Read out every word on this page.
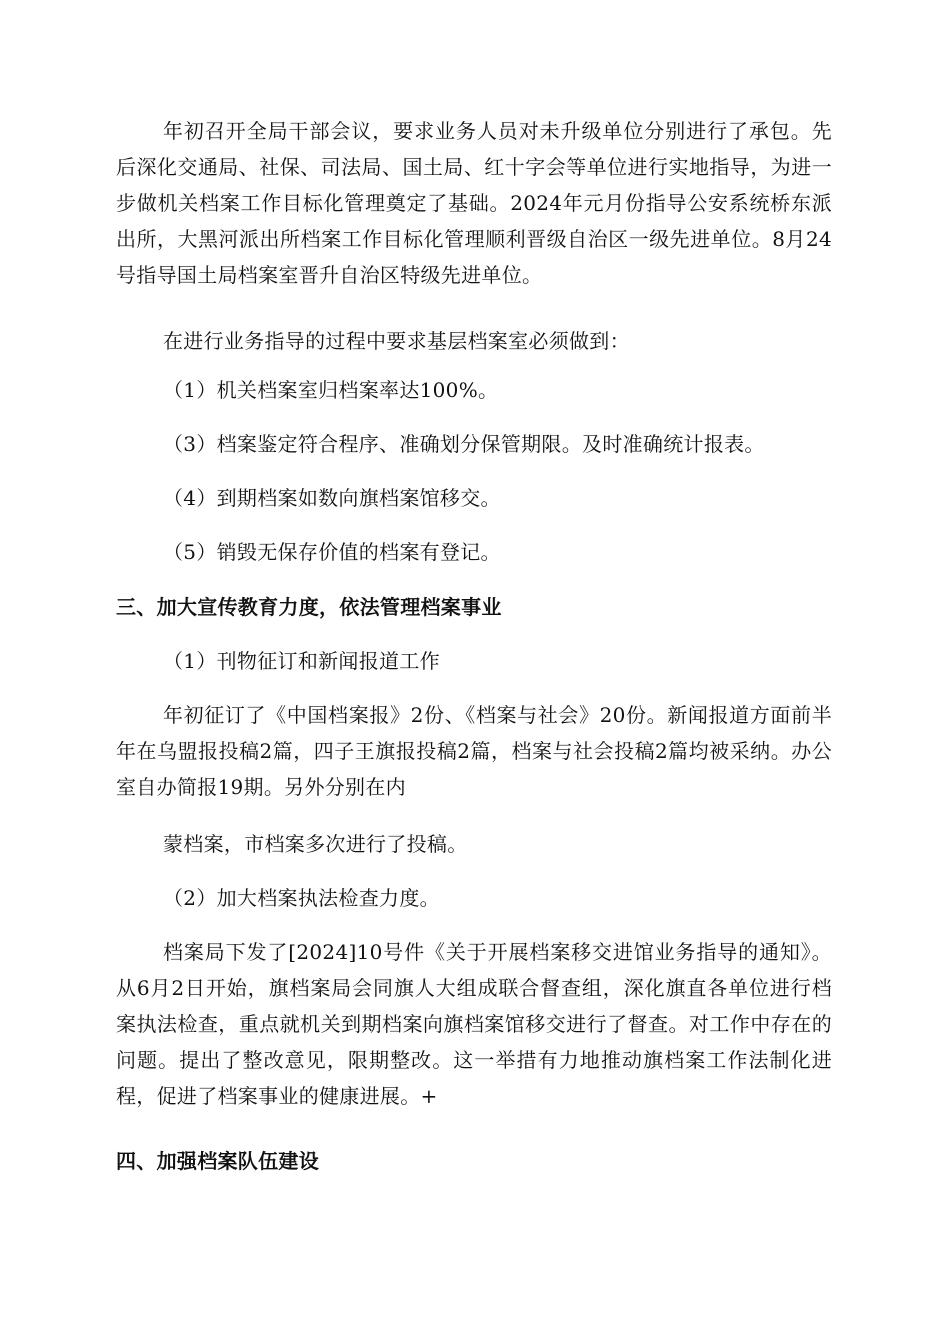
年初召开全局干部会议，要求业务人员对未升级单位分别进行了承包。先后深化交通局、社保、司法局、国土局、红十字会等单位进行实地指导，为进一步做机关档案工作目标化管理奠定了基础。2024年元月份指导公安系统桥东派出所，大黑河派出所档案工作目标化管理顺利晋级自治区一级先进单位。8月24号指导国土局档案室晋升自治区特级先进单位。

在进行业务指导的过程中要求基层档案室必须做到：

（1）机关档案室归档案率达100%。

（3）档案鉴定符合程序、准确划分保管期限。及时准确统计报表。

（4）到期档案如数向旗档案馆移交。

（5）销毁无保存价值的档案有登记。

三、加大宣传教育力度，依法管理档案事业

（1）刊物征订和新闻报道工作

年初征订了《中国档案报》2份、《档案与社会》20份。新闻报道方面前半年在乌盟报投稿2篇，四子王旗报投稿2篇，档案与社会投稿2篇均被采纳。办公室自办简报19期。另外分别在内

蒙档案，市档案多次进行了投稿。

（2）加大档案执法检查力度。

档案局下发了[2024]10号件《关于开展档案移交进馆业务指导的通知》。从6月2日开始，旗档案局会同旗人大组成联合督查组，深化旗直各单位进行档案执法检查，重点就机关到期档案向旗档案馆移交进行了督查。对工作中存在的问题。提出了整改意见，限期整改。这一举措有力地推动旗档案工作法制化进程，促进了档案事业的健康进展。+

四、加强档案队伍建设
